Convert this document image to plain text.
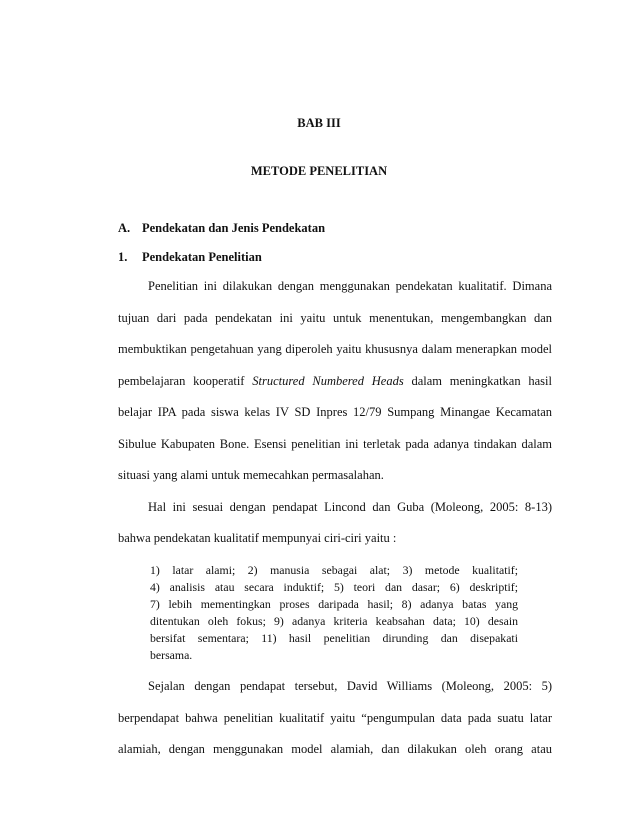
BAB III
METODE PENELITIAN
A. Pendekatan dan Jenis Pendekatan
1. Pendekatan Penelitian
Penelitian ini dilakukan dengan menggunakan pendekatan kualitatif. Dimana
tujuan dari pada pendekatan ini yaitu untuk menentukan, mengembangkan dan
membuktikan pengetahuan yang diperoleh yaitu khususnya dalam menerapkan model
pembelajaran kooperatif Structured Numbered Heads dalam meningkatkan hasil
belajar IPA pada siswa kelas IV SD Inpres 12/79 Sumpang Minangae Kecamatan
Sibulue Kabupaten Bone. Esensi penelitian ini terletak pada adanya tindakan dalam
situasi yang alami untuk memecahkan permasalahan.
Hal ini sesuai dengan pendapat Lincond dan Guba (Moleong, 2005: 8-13)
bahwa pendekatan kualitatif mempunyai ciri-ciri yaitu :
1) latar alami; 2) manusia sebagai alat; 3) metode kualitatif;
4) analisis atau secara induktif; 5) teori dan dasar; 6) deskriptif;
7) lebih mementingkan proses daripada hasil; 8) adanya batas yang
ditentukan oleh fokus; 9) adanya kriteria keabsahan data; 10) desain
bersifat sementara; 11) hasil penelitian dirunding dan disepakati
bersama.
Sejalan dengan pendapat tersebut, David Williams (Moleong, 2005: 5)
berpendapat bahwa penelitian kualitatif yaitu “pengumpulan data pada suatu latar
alamiah, dengan menggunakan model alamiah, dan dilakukan oleh orang atau
